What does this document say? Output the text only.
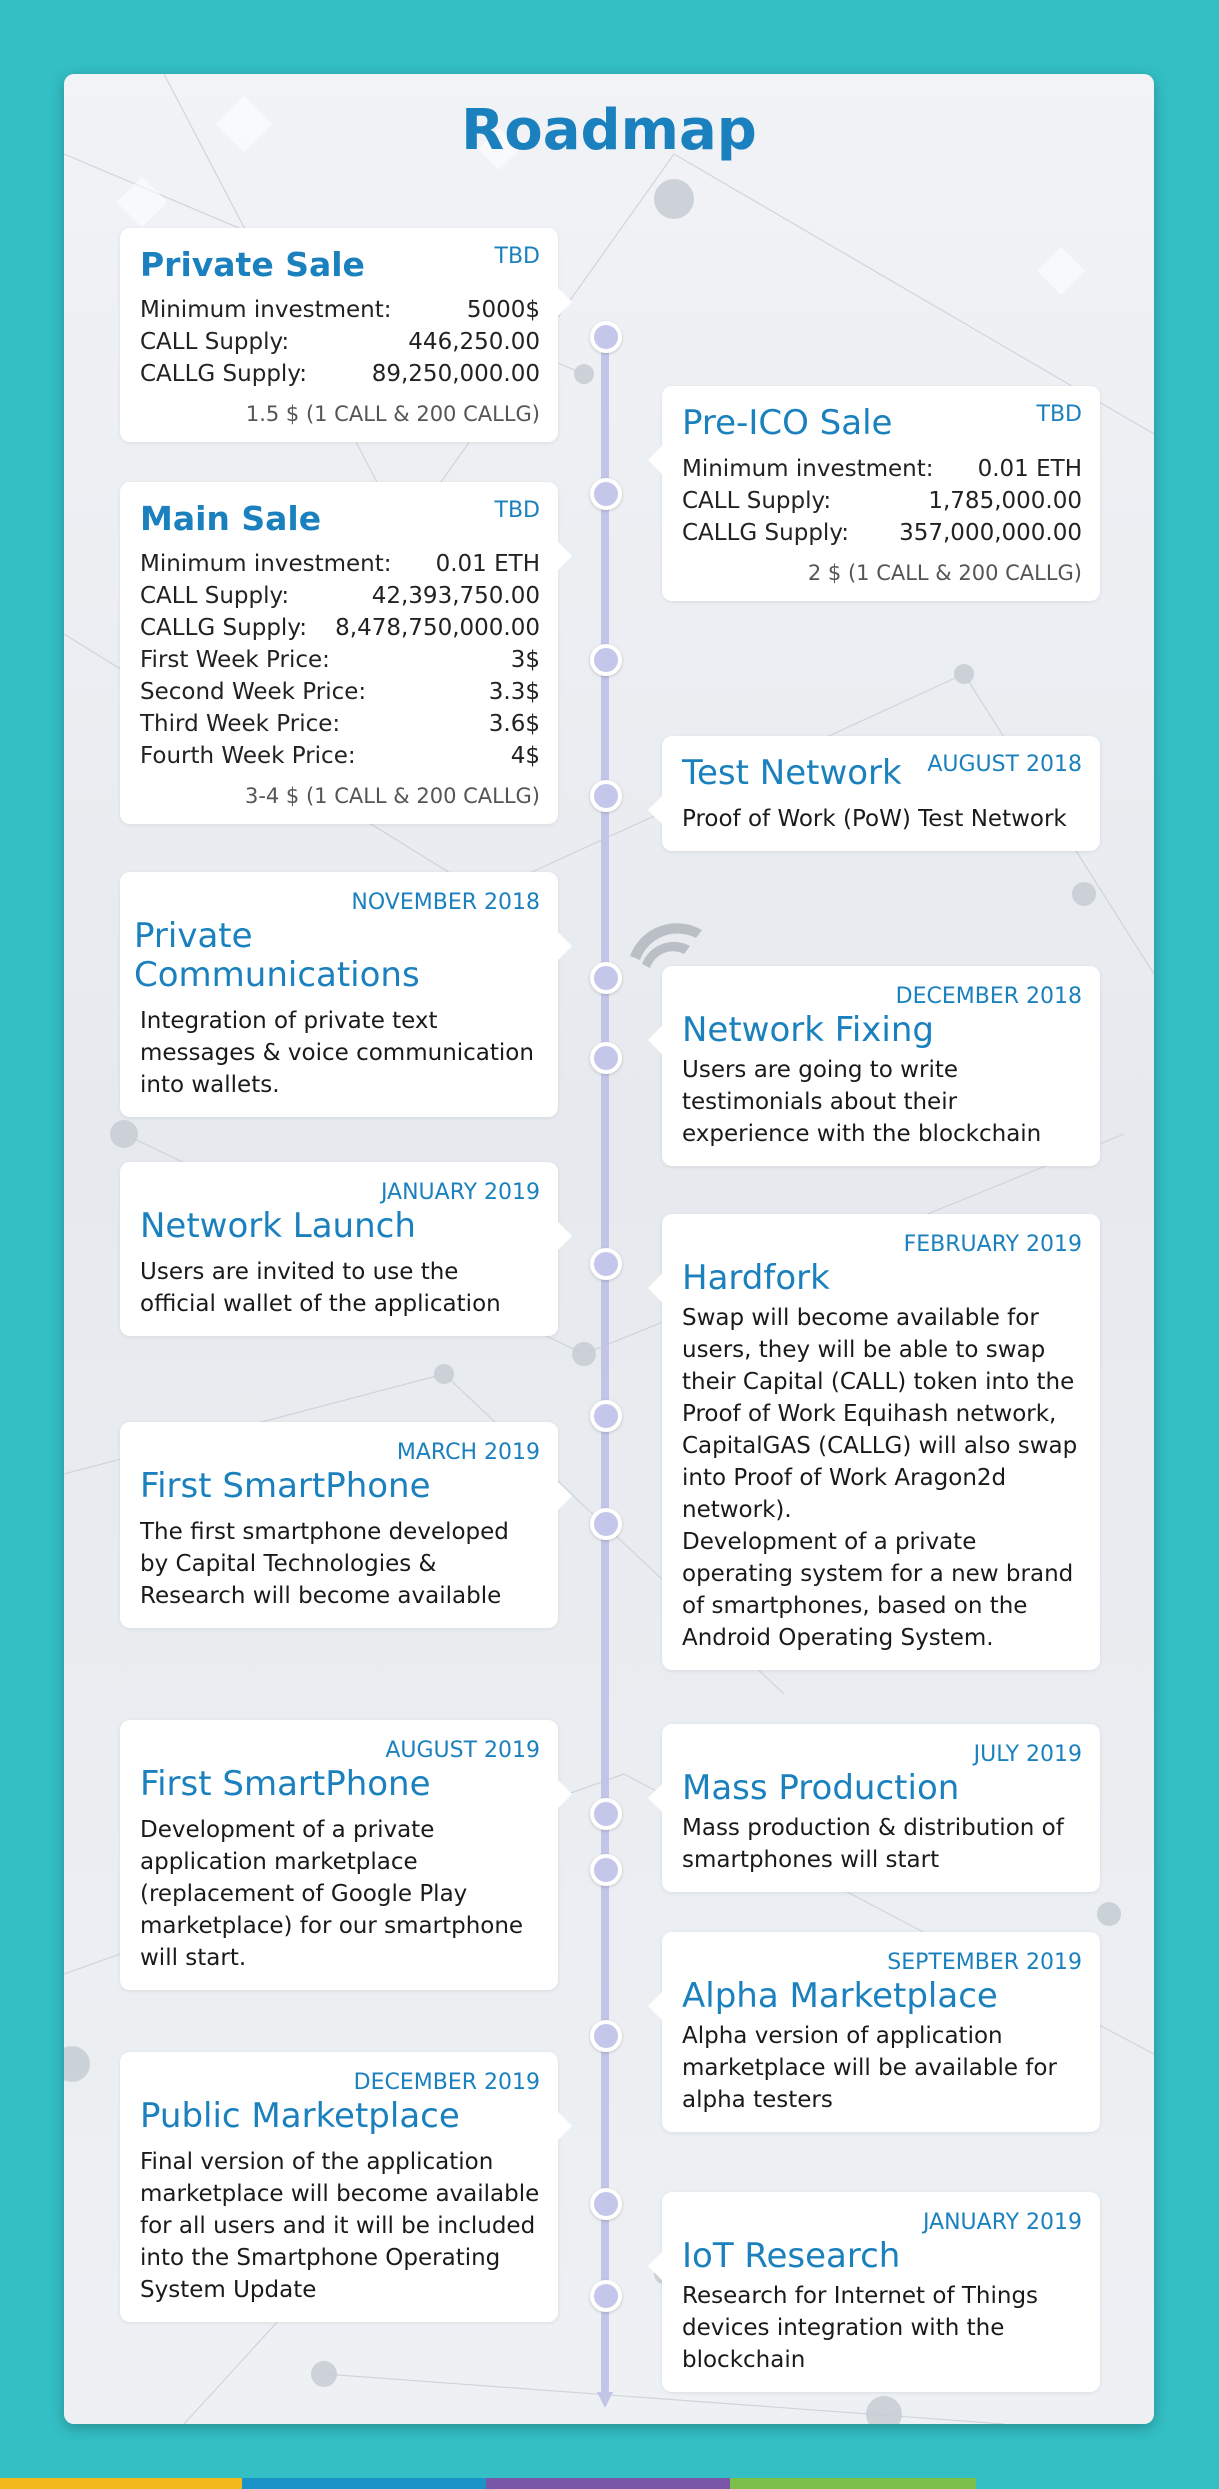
Roadmap
TBD
Private Sale
Minimum investment:	5000$
CALL Supply:	446,250.00
CALLG Supply:	89,250,000.00
1.5 $ (1 CALL & 200 CALLG)	TBD
Pre-ICO Sale
Minimum investment: 0.01 ETH
CALL Supply:	1,785,000.00
CALLG Supply: 357,000,000.00
2 $ (1 CALL & 200 CALLG)
TBD
Main Sale
Minimum investment: 0.01 ETH
CALL Supply:	42,393,750.00
CALLG Supply: 8,478,750,000.00
First Week Price:	3$
Second Week Price:	3.3$
Third Week Price:	3.6$
Fourth Week Price:	4$
3-4 $ (1 CALL & 200 CALLG)
AUGUST 2018
Test Network

Proof of Work (PoW) Test Network

NOVEMBER 2018
Private Communications

Integration of private text messages & voice communication into wallets.

DECEMBER 2018
Network Fixing

Users are going to write testimonials about their experience with the blockchain

JANUARY 2019
Network Launch

Users are invited to use the official wallet of the application

FEBRUARY 2019
Hardfork

Swap will become available for users, they will be able to swap their Capital (CALL) token into the Proof of Work Equihash network, CapitalGAS (CALLG) will also swap into Proof of Work Aragon2d network).

Development of a private operating system for a new brand of smartphones, based on the Android Operating System.

MARCH 2019
First SmartPhone

The first smartphone developed by Capital Technologies & Research will become available

AUGUST 2019
First SmartPhone

Development of a private application marketplace (replacement of Google Play marketplace) for our smartphone will start.

JULY 2019
Mass Production

Mass production & distribution of smartphones will start

SEPTEMBER 2019
Alpha Marketplace

Alpha version of application marketplace will be available for alpha testers

DECEMBER 2019
Public Marketplace

Final version of the application marketplace will become available for all users and it will be included into the Smartphone Operating System Update

JANUARY 2019
IoT Research

Research for Internet of Things devices integration with the blockchain
